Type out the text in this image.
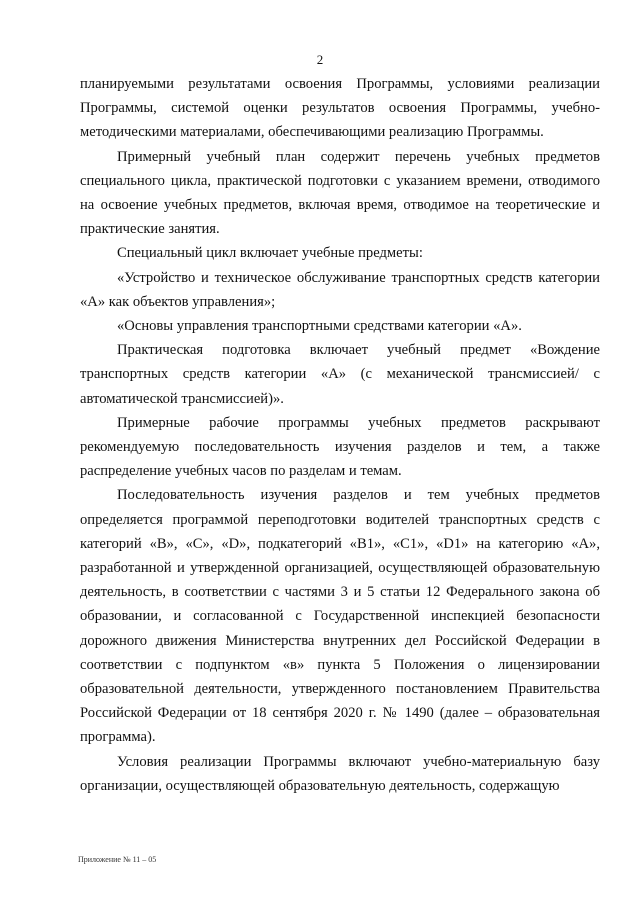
2

планируемыми результатами освоения Программы, условиями реализации Программы, системой оценки результатов освоения Программы, учебно-методическими материалами, обеспечивающими реализацию Программы.

Примерный учебный план содержит перечень учебных предметов специального цикла, практической подготовки с указанием времени, отводимого на освоение учебных предметов, включая время, отводимое на теоретические и практические занятия.

Специальный цикл включает учебные предметы:

«Устройство и техническое обслуживание транспортных средств категории «А» как объектов управления»;

«Основы управления транспортными средствами категории «А».

Практическая подготовка включает учебный предмет «Вождение транспортных средств категории «А» (с механической трансмиссией/ с автоматической трансмиссией)».

Примерные рабочие программы учебных предметов раскрывают рекомендуемую последовательность изучения разделов и тем, а также распределение учебных часов по разделам и темам.

Последовательность изучения разделов и тем учебных предметов определяется программой переподготовки водителей транспортных средств с категорий «В», «С», «D», подкатегорий «В1», «С1», «D1» на категорию «А», разработанной и утвержденной организацией, осуществляющей образовательную деятельность, в соответствии с частями 3 и 5 статьи 12 Федерального закона об образовании, и согласованной с Государственной инспекцией безопасности дорожного движения Министерства внутренних дел Российской Федерации в соответствии с подпунктом «в» пункта 5 Положения о лицензировании образовательной деятельности, утвержденного постановлением Правительства Российской Федерации от 18 сентября 2020 г. № 1490 (далее – образовательная программа).

Условия реализации Программы включают учебно-материальную базу организации, осуществляющей образовательную деятельность, содержащую

Приложение № 11 – 05
